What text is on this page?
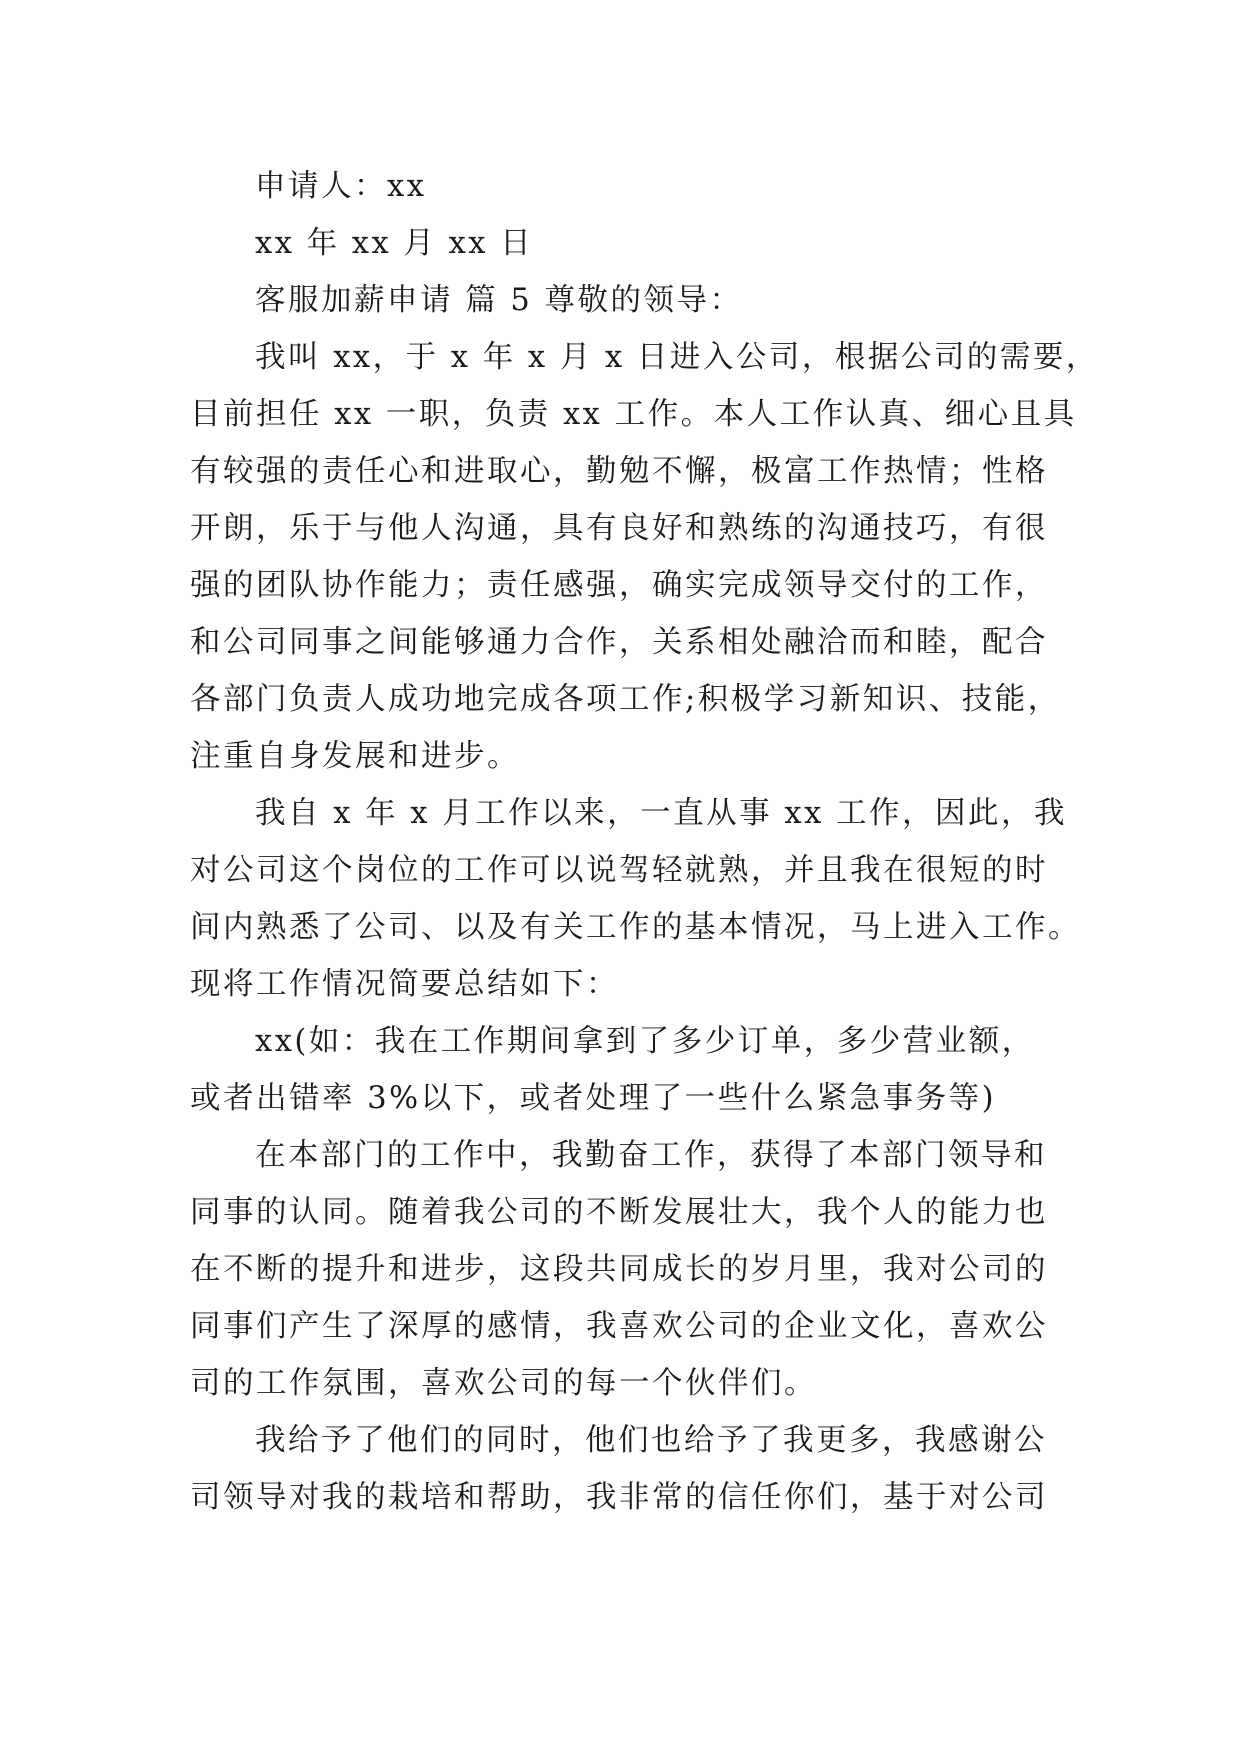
申请人：xx

xx 年 xx 月 xx 日

客服加薪申请 篇 5 尊敬的领导：

我叫 xx，于 x 年 x 月 x 日进入公司，根据公司的需要，
目前担任 xx 一职，负责 xx 工作。本人工作认真、细心且具
有较强的责任心和进取心，勤勉不懈，极富工作热情；性格
开朗，乐于与他人沟通，具有良好和熟练的沟通技巧，有很
强的团队协作能力；责任感强，确实完成领导交付的工作，
和公司同事之间能够通力合作，关系相处融洽而和睦，配合
各部门负责人成功地完成各项工作;积极学习新知识、技能，
注重自身发展和进步。
我自 x 年 x 月工作以来，一直从事 xx 工作，因此，我
对公司这个岗位的工作可以说驾轻就熟，并且我在很短的时
间内熟悉了公司、以及有关工作的基本情况，马上进入工作。
现将工作情况简要总结如下：
xx(如：我在工作期间拿到了多少订单，多少营业额，
或者出错率 3%以下，或者处理了一些什么紧急事务等)
在本部门的工作中，我勤奋工作，获得了本部门领导和
同事的认同。随着我公司的不断发展壮大，我个人的能力也
在不断的提升和进步，这段共同成长的岁月里，我对公司的
同事们产生了深厚的感情，我喜欢公司的企业文化，喜欢公
司的工作氛围，喜欢公司的每一个伙伴们。
我给予了他们的同时，他们也给予了我更多，我感谢公
司领导对我的栽培和帮助，我非常的信任你们，基于对公司
